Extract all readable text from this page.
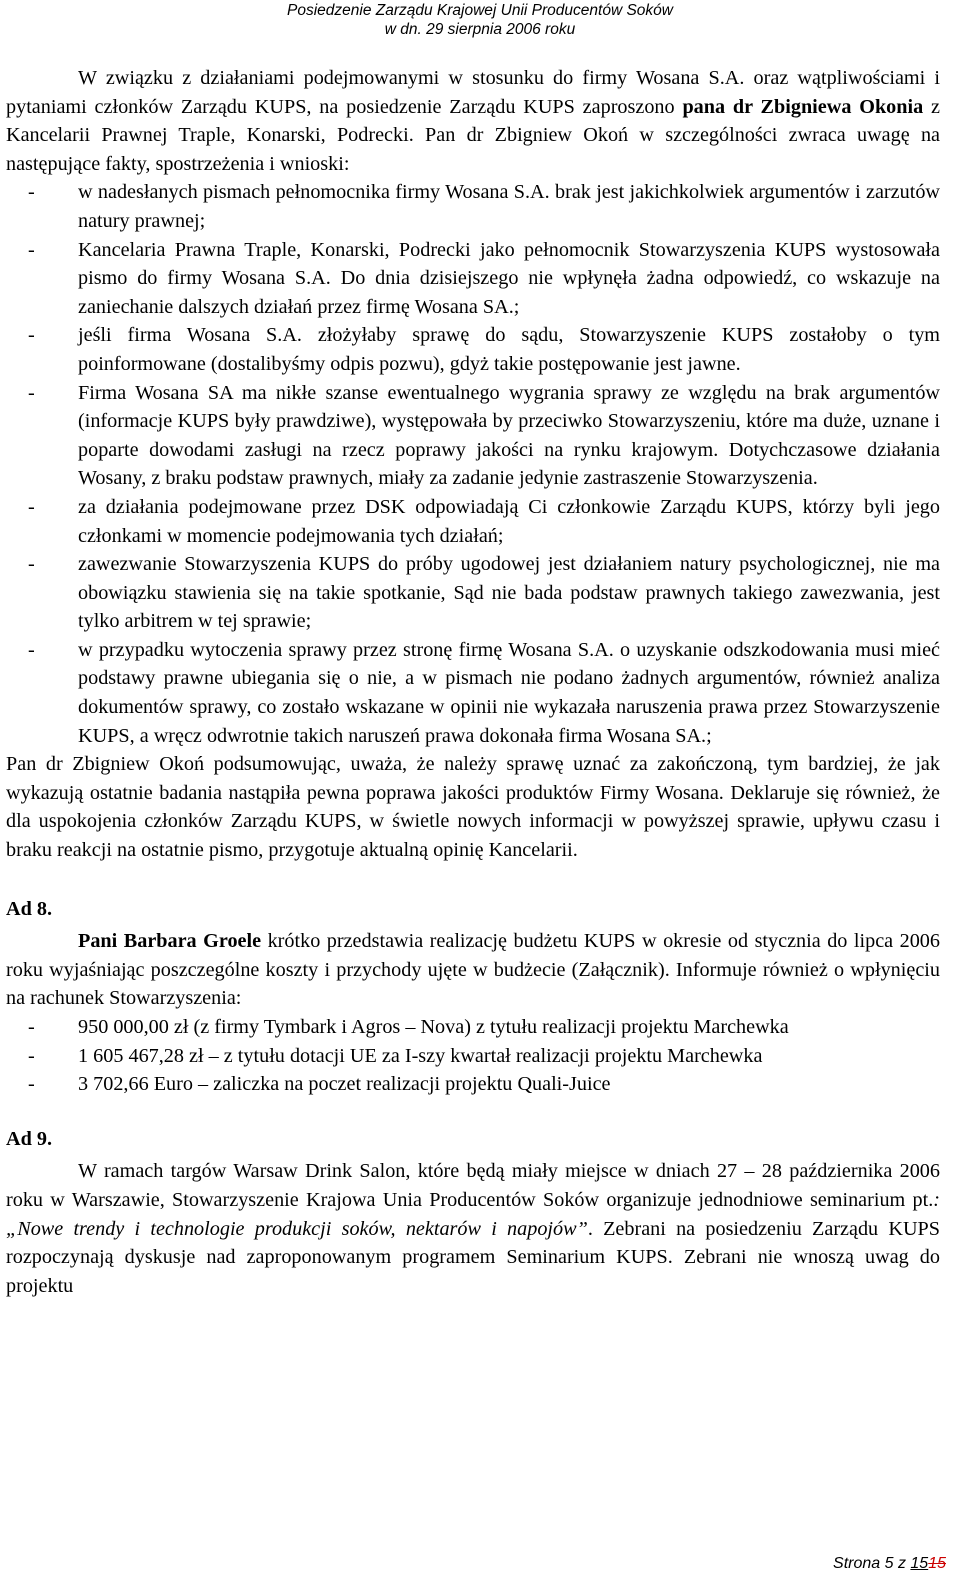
Posiedzenie Zarządu Krajowej Unii Producentów Soków
w dn. 29 sierpnia 2006 roku

W związku z działaniami podejmowanymi w stosunku do firmy Wosana S.A. oraz wątpliwościami i pytaniami członków Zarządu KUPS, na posiedzenie Zarządu KUPS zaproszono pana dr Zbigniewa Okonia z Kancelarii Prawnej Traple, Konarski, Podrecki. Pan dr Zbigniew Okoń w szczególności zwraca uwagę na następujące fakty, spostrzeżenia i wnioski:

- w nadesłanych pismach pełnomocnika firmy Wosana S.A. brak jest jakichkolwiek argumentów i zarzutów natury prawnej;
- Kancelaria Prawna Traple, Konarski, Podrecki jako pełnomocnik Stowarzyszenia KUPS wystosowała pismo do firmy Wosana S.A. Do dnia dzisiejszego nie wpłynęła żadna odpowiedź, co wskazuje na zaniechanie dalszych działań przez firmę Wosana SA.;
- jeśli firma Wosana S.A. złożyłaby sprawę do sądu, Stowarzyszenie KUPS zostałoby o tym poinformowane (dostalibyśmy odpis pozwu), gdyż takie postępowanie jest jawne.
- Firma Wosana SA ma nikłe szanse ewentualnego wygrania sprawy ze względu na brak argumentów (informacje KUPS były prawdziwe), występowała by przeciwko Stowarzyszeniu, które ma duże, uznane i poparte dowodami zasługi na rzecz poprawy jakości na rynku krajowym. Dotychczasowe działania Wosany, z braku podstaw prawnych, miały za zadanie jedynie zastraszenie Stowarzyszenia.
- za działania podejmowane przez DSK odpowiadają Ci członkowie Zarządu KUPS, którzy byli jego członkami w momencie podejmowania tych działań;
- zawezwanie Stowarzyszenia KUPS do próby ugodowej jest działaniem natury psychologicznej, nie ma obowiązku stawienia się na takie spotkanie, Sąd nie bada podstaw prawnych takiego zawezwania, jest tylko arbitrem w tej sprawie;
- w przypadku wytoczenia sprawy przez stronę firmę Wosana S.A. o uzyskanie odszkodowania musi mieć podstawy prawne ubiegania się o nie, a w pismach nie podano żadnych argumentów, również analiza dokumentów sprawy, co zostało wskazane w opinii nie wykazała naruszenia prawa przez Stowarzyszenie KUPS, a wręcz odwrotnie takich naruszeń prawa dokonała firma Wosana SA.;

Pan dr Zbigniew Okoń podsumowując, uważa, że należy sprawę uznać za zakończoną, tym bardziej, że jak wykazują ostatnie badania nastąpiła pewna poprawa jakości produktów Firmy Wosana. Deklaruje się również, że dla uspokojenia członków Zarządu KUPS, w świetle nowych informacji w powyższej sprawie, upływu czasu i braku reakcji na ostatnie pismo, przygotuje aktualną opinię Kancelarii.

Ad 8.

Pani Barbara Groele krótko przedstawia realizację budżetu KUPS w okresie od stycznia do lipca 2006 roku wyjaśniając poszczególne koszty i przychody ujęte w budżecie (Załącznik). Informuje również o wpłynięciu na rachunek Stowarzyszenia:

- 950 000,00 zł (z firmy Tymbark i Agros – Nova) z tytułu realizacji projektu Marchewka
- 1 605 467,28 zł – z tytułu dotacji UE za I-szy kwartał realizacji projektu Marchewka
- 3 702,66 Euro – zaliczka na poczet realizacji projektu Quali-Juice

Ad 9.

W ramach targów Warsaw Drink Salon, które będą miały miejsce w dniach 27 – 28 października 2006 roku w Warszawie, Stowarzyszenie Krajowa Unia Producentów Soków organizuje jednodniowe seminarium pt.: „Nowe trendy i technologie produkcji soków, nektarów i napojów”. Zebrani na posiedzeniu Zarządu KUPS rozpoczynają dyskusje nad zaproponowanym programem Seminarium KUPS. Zebrani nie wnoszą uwag do projektu

Strona 5 z 1515
